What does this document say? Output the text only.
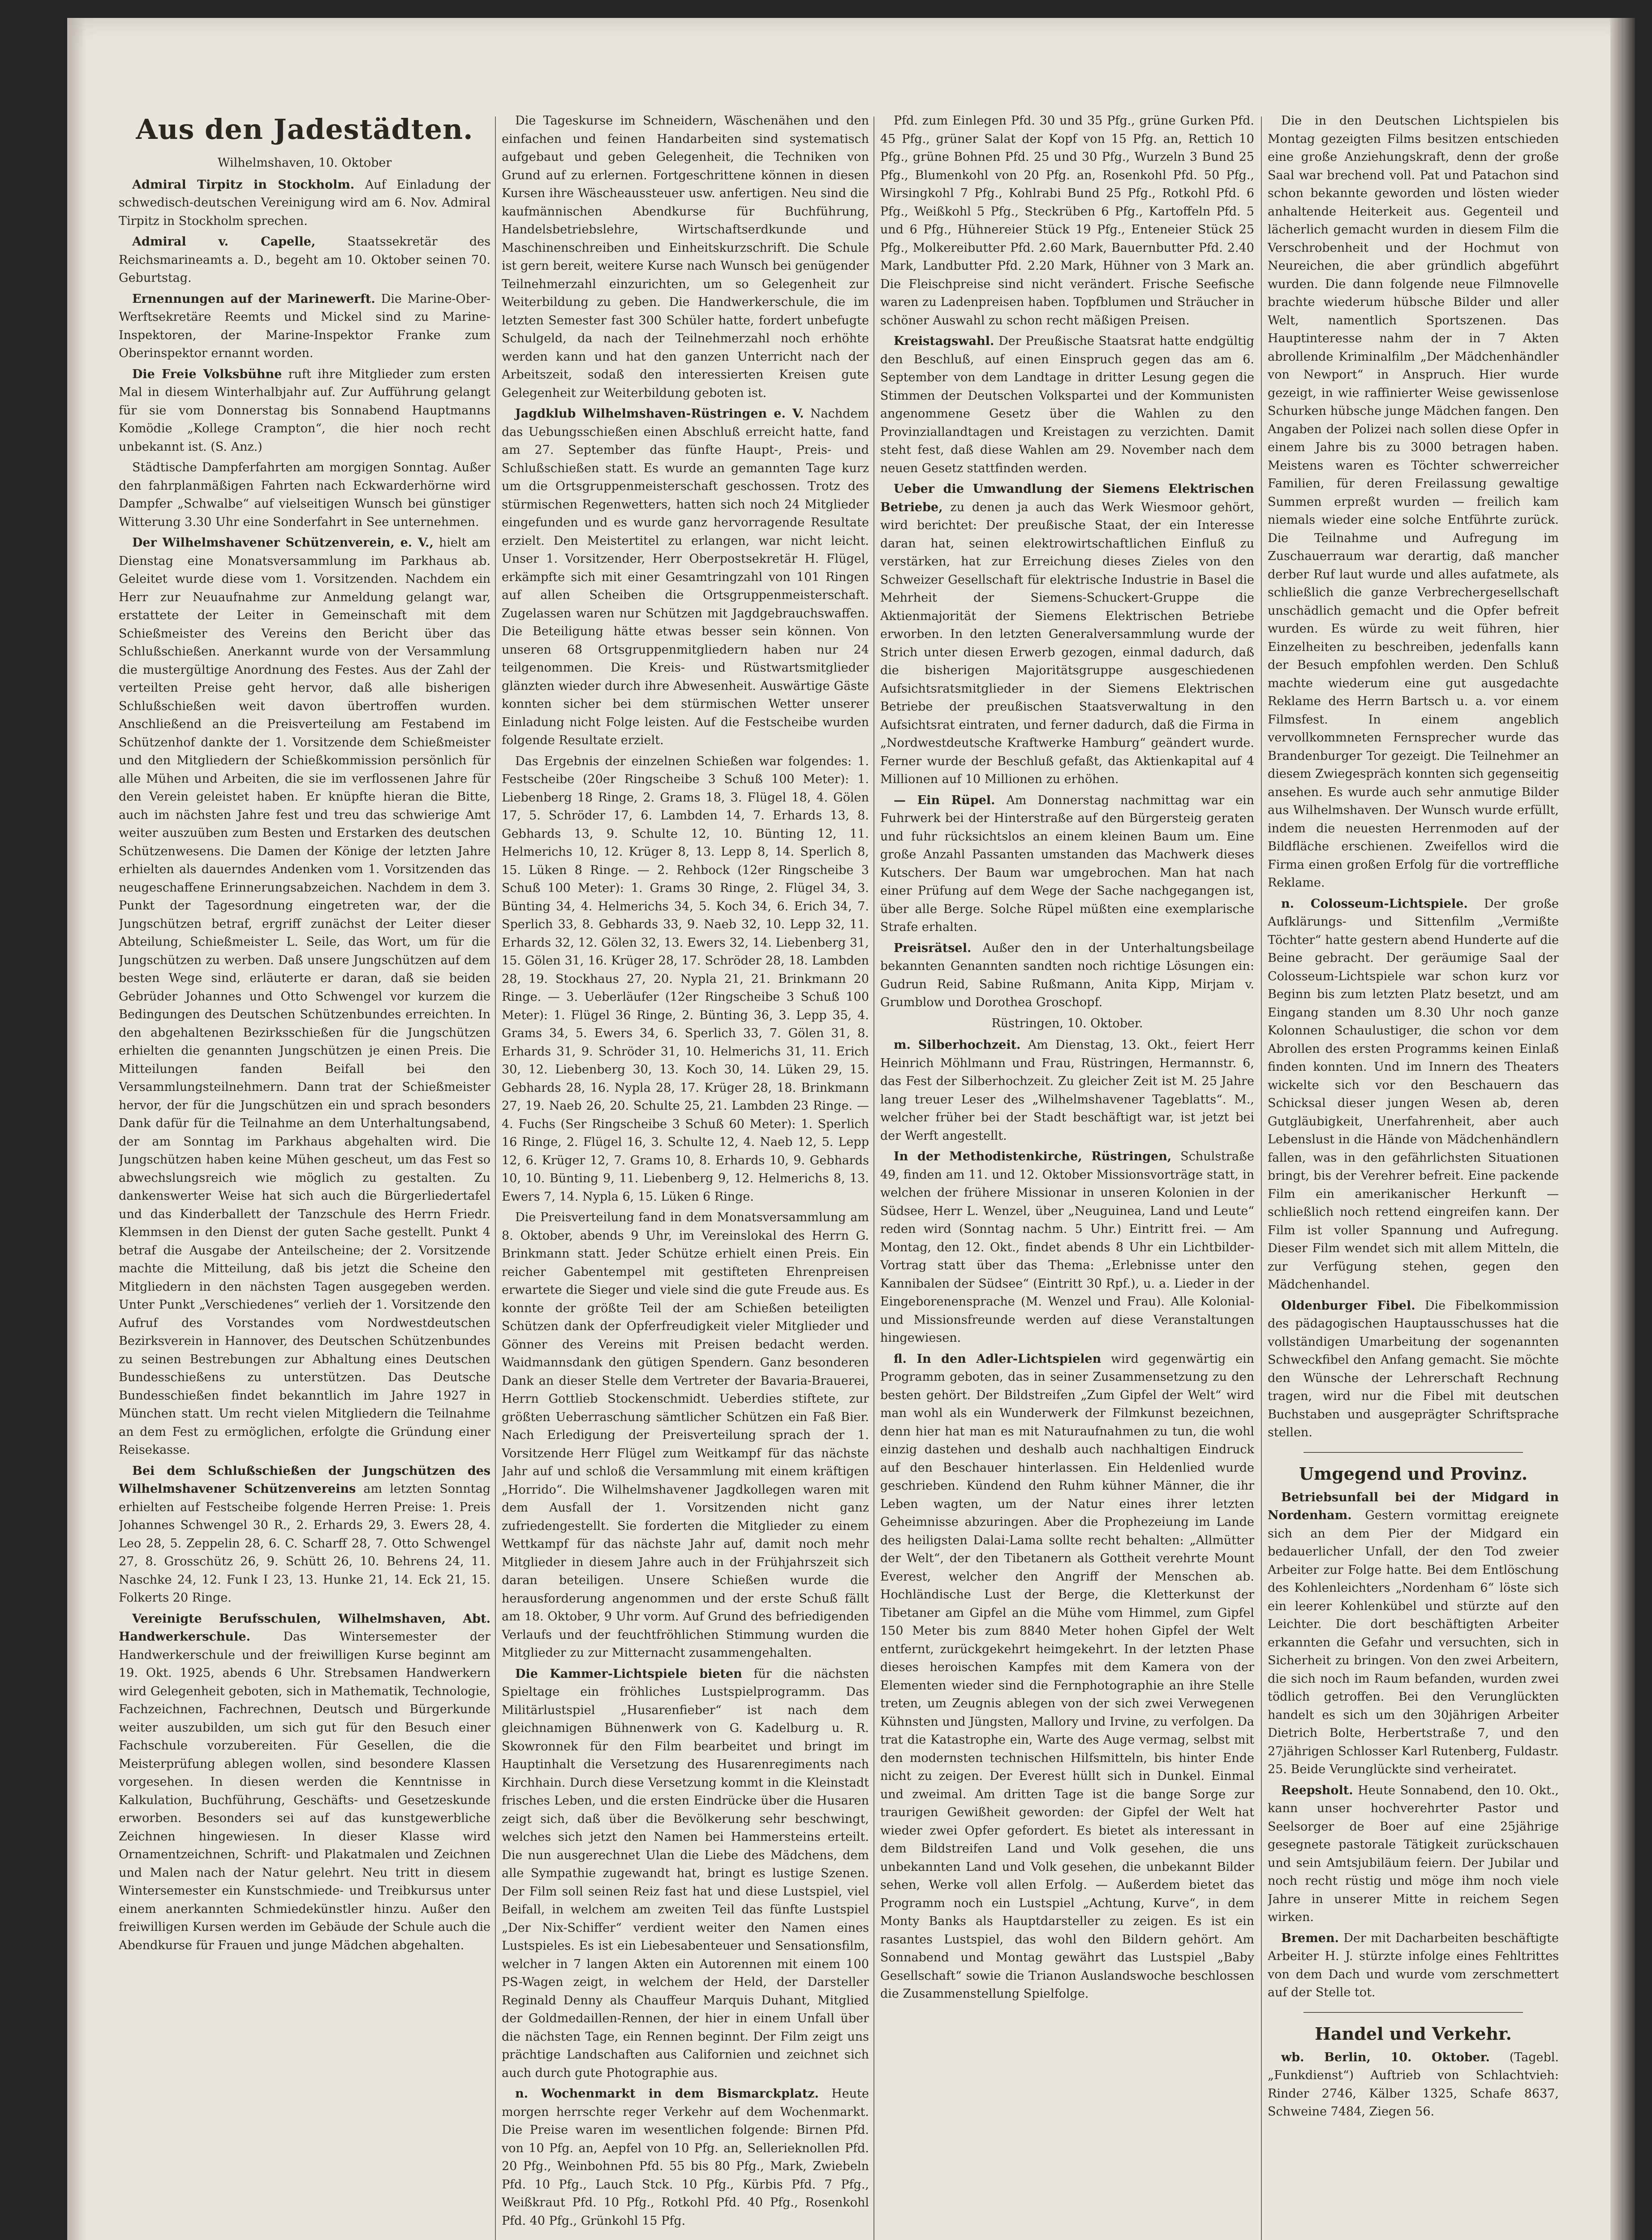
2
Aus den Jadestädten.

Wilhelmshaven, 10. Oktober

Admiral Tirpitz in Stockholm. Auf Einladung der schwedisch-deutschen Vereinigung wird am 6. Nov. Admiral Tirpitz in Stockholm sprechen.

Admiral v. Capelle,	Staatssekretär des Reichsmarineamts a. D., begeht am 10. Oktober seinen 70. Geburtstag.

Ernennungen auf der Marinewerft. Die Marine-Ober-Werftsekretäre Reemts und Mickel sind zu Marine-Inspektoren, der Marine-Inspektor Franke zum Oberinspektor ernannt worden.

Die Freie Volksbühne ruft ihre Mitglieder zum ersten Mal in diesem Winterhalbjahr auf. Zur Aufführung gelangt für sie vom Donnerstag bis Sonnabend Hauptmanns Komödie „Kollege Crampton“, die hier noch recht unbekannt ist. (S. Anz.)

Städtische Dampferfahrten am morgigen Sonntag. Außer den fahrplanmäßigen Fahrten nach Eckwarderhörne wird Dampfer „Schwalbe“ auf vielseitigen Wunsch bei günstiger Witterung 3.30 Uhr eine Sonderfahrt in See unternehmen.

Der Wilhelmshavener Schützenverein, e. V., hielt am Dienstag eine Monatsversammlung im Parkhaus ab. Geleitet wurde diese vom 1. Vorsitzenden. Nachdem ein Herr zur Neuaufnahme zur Anmeldung gelangt war, erstattete der Leiter in Gemeinschaft mit dem Schießmeister des Vereins den Bericht über das Schlußschießen. Anerkannt wurde von der Versammlung die mustergültige Anordnung des Festes. Aus der Zahl der verteilten Preise geht hervor, daß alle bisherigen Schlußschießen weit davon übertroffen wurden. Anschließend an die Preisverteilung am Festabend im Schützenhof dankte der 1. Vorsitzende dem Schießmeister und den Mitgliedern der Schießkommission persönlich für alle Mühen und Arbeiten, die sie im verflossenen Jahre für den Verein geleistet haben. Er knüpfte hieran die Bitte, auch im nächsten Jahre fest und treu das schwierige Amt weiter auszuüben zum Besten und Erstarken des deutschen Schützenwesens. Die Damen der Könige der letzten Jahre erhielten als dauerndes Andenken vom 1. Vorsitzenden das neugeschaffene Erinnerungsabzeichen. Nachdem in dem 3. Punkt der Tagesordnung eingetreten war, der die Jungschützen betraf, ergriff zunächst der Leiter dieser Abteilung, Schießmeister L. Seile, das Wort, um für die Jungschützen zu werben. Daß unsere Jungschützen auf dem besten Wege sind, erläuterte er daran, daß sie beiden Gebrüder Johannes und Otto Schwengel vor kurzem die Bedingungen des Deutschen Schützenbundes erreichten. In den abgehaltenen Bezirksschießen für die Jungschützen erhielten die genannten Jungschützen je einen Preis. Die Mitteilungen fanden Beifall bei den Versammlungsteilnehmern. Dann trat der Schießmeister hervor, der für die Jungschützen ein und sprach besonders Dank dafür für die Teilnahme an dem Unterhaltungsabend, der am Sonntag im Parkhaus abgehalten wird. Die Jungschützen haben keine Mühen gescheut, um das Fest so abwechslungsreich wie möglich zu gestalten. Zu dankenswerter Weise hat sich auch die Bürgerliedertafel und das Kinderballett der Tanzschule des Herrn Friedr. Klemmsen in den Dienst der guten Sache gestellt. Punkt 4 betraf die Ausgabe der Anteilscheine; der 2. Vorsitzende machte die Mitteilung, daß bis jetzt die Scheine den Mitgliedern in den nächsten Tagen ausgegeben werden. Unter Punkt „Verschiedenes“ verlieh der 1. Vorsitzende den Aufruf des Vorstandes vom Nordwestdeutschen Bezirksverein in Hannover, des Deutschen Schützenbundes zu seinen Bestrebungen zur Abhaltung eines Deutschen Bundesschießens zu unterstützen. Das Deutsche Bundesschießen findet bekanntlich im Jahre 1927 in München statt. Um recht vielen Mitgliedern die Teilnahme an dem Fest zu ermöglichen, erfolgte die Gründung einer Reisekasse.

Bei dem Schlußschießen der Jungschützen des Wilhelmshavener Schützenvereins am letzten Sonntag erhielten auf Festscheibe folgende Herren Preise: 1. Preis Johannes Schwengel 30 R., 2. Erhards 29, 3. Ewers 28, 4. Leo 28, 5. Zeppelin 28, 6. C. Scharff 28, 7. Otto Schwengel 27, 8. Grosschütz 26, 9. Schütt 26, 10. Behrens 24, 11. Naschke 24, 12. Funk I 23, 13. Hunke 21, 14. Eck 21, 15. Folkerts 20 Ringe.

Vereinigte Berufsschulen, Wilhelmshaven, Abt. Handwerkerschule.	Das Wintersemester der Handwerkerschule und der freiwilligen Kurse beginnt am 19. Okt. 1925, abends 6 Uhr. Strebsamen Handwerkern wird Gelegenheit geboten, sich in Mathematik, Technologie, Fachzeichnen, Fachrechnen, Deutsch und Bürgerkunde weiter auszubilden, um sich gut für den Besuch einer Fachschule vorzubereiten. Für Gesellen, die die Meisterprüfung ablegen wollen, sind besondere Klassen vorgesehen. In diesen werden die Kenntnisse in Kalkulation, Buchführung, Geschäfts- und Gesetzeskunde erworben. Besonders sei auf das kunstgewerbliche Zeichnen hingewiesen. In dieser Klasse wird Ornamentzeichnen, Schrift- und Plakatmalen und Zeichnen und Malen nach der Natur gelehrt. Neu tritt in diesem Wintersemester ein Kunstschmiede- und Treibkursus unter einem anerkannten Schmiedekünstler hinzu. Außer den freiwilligen Kursen werden im Gebäude der Schule auch die Abendkurse für Frauen und junge Mädchen abgehalten.

Die Tageskurse im Schneidern, Wäschenähen und den einfachen und feinen Handarbeiten sind systematisch aufgebaut und geben Gelegenheit, die Techniken von Grund auf zu erlernen. Fortgeschrittene können in diesen Kursen ihre Wäscheaussteuer usw. anfertigen. Neu sind die kaufmännischen Abendkurse für Buchführung, Handelsbetriebslehre, Wirtschaftserdkunde und Maschinenschreiben und Einheitskurzschrift. Die Schule ist gern bereit, weitere Kurse nach Wunsch bei genügender Teilnehmerzahl einzurichten, um so Gelegenheit zur Weiterbildung zu geben. Die Handwerkerschule, die im letzten Semester fast 300 Schüler hatte, fordert unbefugte Schulgeld, da nach der Teilnehmerzahl noch erhöhte werden kann und hat den ganzen Unterricht nach der Arbeitszeit, sodaß den interessierten Kreisen gute Gelegenheit zur Weiterbildung geboten ist.

Jagdklub Wilhelmshaven-Rüstringen e. V. Nachdem das Uebungsschießen einen Abschluß erreicht hatte, fand am 27. September das fünfte Haupt-, Preis- und Schlußschießen statt. Es wurde an gemannten Tage kurz um die Ortsgruppenmeisterschaft geschossen. Trotz des stürmischen Regenwetters, hatten sich noch 24 Mitglieder eingefunden und es wurde ganz hervorragende Resultate erzielt. Den Meistertitel zu erlangen, war nicht leicht. Unser 1. Vorsitzender, Herr Oberpostsekretär H. Flügel, erkämpfte sich mit einer Gesamtringzahl von 101 Ringen auf allen Scheiben die Ortsgruppenmeisterschaft. Zugelassen waren nur Schützen mit Jagdgebrauchswaffen. Die Beteiligung hätte etwas besser sein können. Von unseren 68 Ortsgruppenmitgliedern haben nur 24 teilgenommen. Die Kreis- und Rüstwartsmitglieder glänzten wieder durch ihre Abwesenheit. Auswärtige Gäste konnten sicher bei dem stürmischen Wetter unserer Einladung nicht Folge leisten. Auf die Festscheibe wurden folgende Resultate erzielt.

Das Ergebnis der einzelnen Schießen war folgendes: 1. Festscheibe (20er Ringscheibe 3 Schuß 100 Meter): 1. Liebenberg 18 Ringe, 2. Grams 18, 3. Flügel 18, 4. Gölen 17, 5. Schröder 17, 6. Lambden 14, 7. Erhards 13, 8. Gebhards 13, 9. Schulte 12, 10. Bünting 12, 11. Helmerichs 10, 12. Krüger 8, 13. Lepp 8, 14. Sperlich 8, 15. Lüken 8 Ringe. — 2. Rehbock (12er Ringscheibe 3 Schuß 100 Meter): 1. Grams 30 Ringe, 2. Flügel 34, 3. Bünting 34, 4. Helmerichs 34, 5. Koch 34, 6. Erich 34, 7. Sperlich 33, 8. Gebhards 33, 9. Naeb 32, 10. Lepp 32, 11. Erhards 32, 12. Gölen 32, 13. Ewers 32, 14. Liebenberg 31, 15. Gölen 31, 16. Krüger 28, 17. Schröder 28, 18. Lambden 28, 19. Stockhaus 27, 20. Nypla 21, 21. Brinkmann 20 Ringe. — 3. Ueberläufer (12er Ringscheibe 3 Schuß 100 Meter): 1. Flügel 36 Ringe, 2. Bünting 36, 3. Lepp 35, 4. Grams 34, 5. Ewers 34, 6. Sperlich 33, 7. Gölen 31, 8. Erhards 31, 9. Schröder 31, 10. Helmerichs 31, 11. Erich 30, 12. Liebenberg 30, 13. Koch 30, 14. Lüken 29, 15. Gebhards 28, 16. Nypla 28, 17. Krüger 28, 18. Brinkmann 27, 19. Naeb 26, 20. Schulte 25, 21. Lambden 23 Ringe. — 4. Fuchs (Ser Ringscheibe 3 Schuß 60 Meter): 1. Sperlich 16 Ringe, 2. Flügel 16, 3. Schulte 12, 4. Naeb 12, 5. Lepp 12, 6. Krüger 12, 7. Grams 10, 8. Erhards 10, 9. Gebhards 10, 10. Bünting 9, 11. Liebenberg 9, 12. Helmerichs 8, 13. Ewers 7, 14. Nypla 6, 15. Lüken 6 Ringe.

Die Preisverteilung fand in dem Monatsversammlung am 8. Oktober, abends 9 Uhr, im Vereinslokal des Herrn G. Brinkmann statt. Jeder Schütze erhielt einen Preis. Ein reicher Gabentempel mit gestifteten Ehrenpreisen erwartete die Sieger und viele sind die gute Freude aus. Es konnte der größte Teil der am Schießen beteiligten Schützen dank der Opferfreudigkeit vieler Mitglieder und Gönner des Vereins mit Preisen bedacht werden. Waidmannsdank den gütigen Spendern. Ganz besonderen Dank an dieser Stelle dem Vertreter der Bavaria-Brauerei, Herrn Gottlieb Stockenschmidt. Ueberdies stiftete, zur größten Ueberraschung sämtlicher Schützen ein Faß Bier. Nach Erledigung der Preisverteilung sprach der 1. Vorsitzende Herr Flügel zum Weitkampf für das nächste Jahr auf und schloß die Versammlung mit einem kräftigen „Horrido“. Die Wilhelmshavener Jagdkollegen waren mit dem Ausfall der 1. Vorsitzenden nicht ganz zufriedengestellt. Sie forderten die Mitglieder zu einem Wettkampf für das nächste Jahr auf, damit noch mehr Mitglieder in diesem Jahre auch in der Frühjahrszeit sich daran beteiligen. Unsere Schießen wurde die herausforderung angenommen und der erste Schuß fällt am 18. Oktober, 9 Uhr vorm. Auf Grund des befriedigenden Verlaufs und der feuchtfröhlichen Stimmung wurden die Mitglieder zu zur Mitternacht zusammengehalten.

Die Kammer-Lichtspiele bieten für die nächsten Spieltage ein fröhliches Lustspielprogramm. Das Militärlustspiel „Husarenfieber“ ist nach dem gleichnamigen Bühnenwerk von G. Kadelburg u. R. Skowronnek für den Film bearbeitet und bringt im Hauptinhalt die Versetzung des Husarenregiments nach Kirchhain. Durch diese Versetzung kommt in die Kleinstadt frisches Leben, und die ersten Eindrücke über die Husaren zeigt sich, daß über die Bevölkerung sehr beschwingt, welches sich jetzt den Namen bei Hammersteins erteilt. Die nun ausgerechnet Ulan die Liebe des Mädchens, dem alle Sympathie zugewandt hat, bringt es lustige Szenen. Der Film soll seinen Reiz fast hat und diese Lustspiel, viel Beifall, in welchem am zweiten Teil das fünfte Lustspiel „Der Nix-Schiffer“ verdient weiter den Namen eines Lustspieles. Es ist ein Liebesabenteuer und Sensationsfilm, welcher in 7 langen Akten ein Autorennen mit einem 100 PS-Wagen zeigt, in welchem der Held, der Darsteller Reginald Denny als Chauffeur Marquis Duhant, Mitglied der Goldmedaillen-Rennen, der hier in einem Unfall über die nächsten Tage, ein Rennen beginnt. Der Film zeigt uns prächtige Landschaften aus Californien und zeichnet sich auch durch gute Photographie aus.

n. Wochenmarkt in dem Bismarckplatz. Heute morgen herrschte reger Verkehr auf dem Wochenmarkt. Die Preise waren im wesentlichen folgende: Birnen Pfd. von 10 Pfg. an, Aepfel von 10 Pfg. an, Sellerieknollen Pfd. 20 Pfg., Weinbohnen Pfd. 55 bis 80 Pfg., Mark, Zwiebeln Pfd. 10 Pfg., Lauch Stck. 10 Pfg., Kürbis Pfd. 7 Pfg., Weißkraut Pfd. 10 Pfg., Rotkohl Pfd. 40 Pfg., Rosenkohl Pfd. 40 Pfg., Grünkohl 15 Pfg.

Pfd. zum Einlegen Pfd. 30 und 35 Pfg., grüne Gurken Pfd. 45 Pfg., grüner Salat der Kopf von 15 Pfg. an, Rettich 10 Pfg., grüne Bohnen Pfd. 25 und 30 Pfg., Wurzeln 3 Bund 25 Pfg., Blumenkohl von 20 Pfg. an, Rosenkohl Pfd. 50 Pfg., Wirsingkohl 7 Pfg., Kohlrabi Bund 25 Pfg., Rotkohl Pfd. 6 Pfg., Weißkohl 5 Pfg., Steckrüben 6 Pfg., Kartoffeln Pfd. 5 und 6 Pfg., Hühnereier Stück 19 Pfg., Enteneier Stück 25 Pfg., Molkereibutter Pfd. 2.60 Mark, Bauernbutter Pfd. 2.40 Mark, Landbutter Pfd. 2.20 Mark, Hühner von 3 Mark an. Die Fleischpreise sind nicht verändert. Frische Seefische waren zu Ladenpreisen haben. Topfblumen und Sträucher in schöner Auswahl zu schon recht mäßigen Preisen.

Kreistagswahl. Der Preußische Staatsrat hatte endgültig den Beschluß, auf einen Einspruch gegen das am 6. September von dem Landtage in dritter Lesung gegen die Stimmen der Deutschen Volkspartei und der Kommunisten angenommene Gesetz über die Wahlen zu den Provinziallandtagen und Kreistagen zu verzichten. Damit steht fest, daß diese Wahlen am 29. November nach dem neuen Gesetz stattfinden werden.

Ueber die Umwandlung der Siemens Elektrischen Betriebe, zu denen ja auch das Werk Wiesmoor gehört, wird berichtet: Der preußische Staat, der ein Interesse daran hat, seinen elektrowirtschaftlichen Einfluß zu verstärken, hat zur Erreichung dieses Zieles von den Schweizer Gesellschaft für elektrische Industrie in Basel die Mehrheit der Siemens-Schuckert-Gruppe die Aktienmajorität der Siemens Elektrischen Betriebe erworben. In den letzten Generalversammlung wurde der Strich unter diesen Erwerb gezogen, einmal dadurch, daß die bisherigen Majoritätsgruppe ausgeschiedenen Aufsichtsratsmitglieder in der Siemens Elektrischen Betriebe der preußischen Staatsverwaltung in den Aufsichtsrat eintraten, und ferner dadurch, daß die Firma in „Nordwestdeutsche Kraftwerke Hamburg“ geändert wurde. Ferner wurde der Beschluß gefaßt, das Aktienkapital auf 4 Millionen auf 10 Millionen zu erhöhen.

— Ein Rüpel. Am Donnerstag nachmittag war ein Fuhrwerk bei der Hinterstraße auf den Bürgersteig geraten und fuhr rücksichtslos an einem kleinen Baum um. Eine große Anzahl Passanten umstanden das Machwerk dieses Kutschers. Der Baum war umgebrochen. Man hat nach einer Prüfung auf dem Wege der Sache nachgegangen ist, über alle Berge. Solche Rüpel müßten eine exemplarische Strafe erhalten.

Preisrätsel. Außer den in der Unterhaltungsbeilage bekannten Genannten sandten noch richtige Lösungen ein: Gudrun Reid, Sabine Rußmann, Anita Kipp, Mirjam v. Grumblow und Dorothea Groschopf.

Rüstringen, 10. Oktober.

m. Silberhochzeit. Am Dienstag, 13. Okt., feiert Herr Heinrich Möhlmann und Frau, Rüstringen, Hermannstr. 6, das Fest der Silberhochzeit. Zu gleicher Zeit ist M. 25 Jahre lang treuer Leser des „Wilhelmshavener Tageblatts“. M., welcher früher bei der Stadt beschäftigt war, ist jetzt bei der Werft angestellt.

In der Methodistenkirche, Rüstringen, Schulstraße 49, finden am 11. und 12. Oktober Missionsvorträge statt, in welchen der frühere Missionar in unseren Kolonien in der Südsee, Herr L. Wenzel, über „Neuguinea, Land und Leute“ reden wird (Sonntag nachm. 5 Uhr.) Eintritt frei. — Am Montag, den 12. Okt., findet abends 8 Uhr ein Lichtbilder-Vortrag statt über das Thema: „Erlebnisse unter den Kannibalen der Südsee“ (Eintritt 30 Rpf.), u. a. Lieder in der Eingeborenensprache (M. Wenzel und Frau). Alle Kolonial- und Missionsfreunde werden auf diese Veranstaltungen hingewiesen.

fl. In den Adler-Lichtspielen wird gegenwärtig ein Programm geboten, das in seiner Zusammensetzung zu den besten gehört. Der Bildstreifen „Zum Gipfel der Welt“ wird man wohl als ein Wunderwerk der Filmkunst bezeichnen, denn hier hat man es mit Naturaufnahmen zu tun, die wohl einzig dastehen und deshalb auch nachhaltigen Eindruck auf den Beschauer hinterlassen. Ein Heldenlied wurde geschrieben. Kündend den Ruhm kühner Männer, die ihr Leben wagten, um der Natur eines ihrer letzten Geheimnisse abzuringen. Aber die Prophezeiung im Lande des heiligsten Dalai-Lama sollte recht behalten: „Allmütter der Welt“, der den Tibetanern als Gottheit verehrte Mount Everest, welcher den Angriff der Menschen ab. Hochländische Lust der Berge, die Kletterkunst der Tibetaner am Gipfel an die Mühe vom Himmel, zum Gipfel 150 Meter bis zum 8840 Meter hohen Gipfel der Welt entfernt, zurückgekehrt heimgekehrt. In der letzten Phase dieses heroischen Kampfes mit dem Kamera von der Elementen wieder sind die Fernphotographie an ihre Stelle treten, um Zeugnis ablegen von der sich zwei Verwegenen Kühnsten und Jüngsten, Mallory und Irvine, zu verfolgen. Da trat die Katastrophe ein, Warte des Auge vermag, selbst mit den modernsten technischen Hilfsmitteln, bis hinter Ende nicht zu zeigen. Der Everest hüllt sich in Dunkel. Einmal und zweimal. Am dritten Tage ist die bange Sorge zur traurigen Gewißheit geworden: der Gipfel der Welt hat wieder zwei Opfer gefordert. Es bietet als interessant in dem Bildstreifen Land und Volk gesehen, die uns unbekannten Land und Volk gesehen, die unbekannt Bilder sehen, Werke voll allen Erfolg. — Außerdem bietet das Programm noch ein Lustspiel „Achtung, Kurve“, in dem Monty Banks als Hauptdarsteller zu zeigen. Es ist ein rasantes Lustspiel, das wohl den Bildern gehört. Am Sonnabend und Montag gewährt das Lustspiel „Baby Gesellschaft“ sowie die Trianon Auslandswoche beschlossen die Zusammenstellung Spielfolge.

Die in den Deutschen Lichtspielen bis Montag gezeigten Films besitzen entschieden eine große Anziehungskraft, denn der große Saal war brechend voll. Pat und Patachon sind schon bekannte geworden und lösten wieder anhaltende Heiterkeit aus. Gegenteil und lächerlich gemacht wurden in diesem Film die Verschrobenheit und der Hochmut von Neureichen, die aber gründlich abgeführt wurden. Die dann folgende neue Filmnovelle brachte wiederum hübsche Bilder und aller Welt, namentlich Sportszenen. Das Hauptinteresse nahm der in 7 Akten abrollende Kriminalfilm „Der Mädchenhändler von Newport“ in Anspruch. Hier wurde gezeigt, in wie raffinierter Weise gewissenlose Schurken hübsche junge Mädchen fangen. Den Angaben der Polizei nach sollen diese Opfer in einem Jahre bis zu 3000 betragen haben. Meistens waren es Töchter schwerreicher Familien, für deren Freilassung gewaltige Summen erpreßt wurden — freilich kam niemals wieder eine solche Entführte zurück. Die Teilnahme und Aufregung im Zuschauerraum war derartig, daß mancher derber Ruf laut wurde und alles aufatmete, als schließlich die ganze Verbrechergesellschaft unschädlich gemacht und die Opfer befreit wurden. Es würde zu weit führen, hier Einzelheiten zu beschreiben, jedenfalls kann der Besuch empfohlen werden. Den Schluß machte wiederum eine gut ausgedachte Reklame des Herrn Bartsch u. a. vor einem Filmsfest. In einem angeblich vervollkommneten Fernsprecher wurde das Brandenburger Tor gezeigt. Die Teilnehmer an diesem Zwiegespräch konnten sich gegenseitig ansehen. Es wurde auch sehr anmutige Bilder aus Wilhelmshaven. Der Wunsch wurde erfüllt, indem die neuesten Herrenmoden auf der Bildfläche erschienen. Zweifellos wird die Firma einen großen Erfolg für die vortreffliche Reklame.

n. Colosseum-Lichtspiele. Der große Aufklärungs- und Sittenfilm „Vermißte Töchter“ hatte gestern abend Hunderte auf die Beine gebracht. Der geräumige Saal der Colosseum-Lichtspiele war schon kurz vor Beginn bis zum letzten Platz besetzt, und am Eingang standen um 8.30 Uhr noch ganze Kolonnen Schaulustiger, die schon vor dem Abrollen des ersten Programms keinen Einlaß finden konnten. Und im Innern des Theaters wickelte sich vor den Beschauern das Schicksal dieser jungen Wesen ab, deren Gutgläubigkeit, Unerfahrenheit, aber auch Lebenslust in die Hände von Mädchenhändlern fallen, was in den gefährlichsten Situationen bringt, bis der Verehrer befreit. Eine packende Film ein amerikanischer Herkunft — schließlich noch rettend eingreifen kann. Der Film ist voller Spannung und Aufregung. Dieser Film wendet sich mit allem Mitteln, die zur Verfügung stehen, gegen den Mädchenhandel.

Oldenburger Fibel. Die Fibelkommission des pädagogischen Hauptausschusses hat die vollständigen Umarbeitung der sogenannten Schweckfibel den Anfang gemacht. Sie möchte den Wünsche der Lehrerschaft Rechnung tragen, wird nur die Fibel mit deutschen Buchstaben und ausgeprägter Schriftsprache stellen.

Umgegend und Provinz.

Betriebsunfall bei der Midgard in Nordenham. Gestern vormittag ereignete sich an dem Pier der Midgard ein bedauerlicher Unfall, der den Tod zweier Arbeiter zur Folge hatte. Bei dem Entlöschung des Kohlenleichters „Nordenham 6“ löste sich ein leerer Kohlenkübel und stürzte auf den Leichter. Die dort beschäftigten Arbeiter erkannten die Gefahr und versuchten, sich in Sicherheit zu bringen. Von den zwei Arbeitern, die sich noch im Raum befanden, wurden zwei tödlich getroffen. Bei den Verunglückten handelt es sich um den 30jährigen Arbeiter Dietrich Bolte, Herbertstraße 7, und den 27jährigen Schlosser Karl Rutenberg, Fuldastr. 25. Beide Verunglückte sind verheiratet.

Reepsholt. Heute Sonnabend, den 10. Okt., kann unser hochverehrter Pastor und Seelsorger de Boer auf eine 25jährige gesegnete pastorale Tätigkeit zurückschauen und sein Amtsjubiläum feiern. Der Jubilar und noch recht rüstig und möge ihm noch viele Jahre in unserer Mitte in reichem Segen wirken.

Bremen. Der mit Dacharbeiten beschäftigte Arbeiter H. J. stürzte infolge eines Fehltrittes von dem Dach und wurde vom zerschmettert auf der Stelle tot.

Handel und Verkehr.

wb. Berlin, 10. Oktober. (Tagebl. „Funkdienst“) Auftrieb von Schlachtvieh: Rinder 2746, Kälber 1325, Schafe 8637, Schweine 7484, Ziegen 56.
